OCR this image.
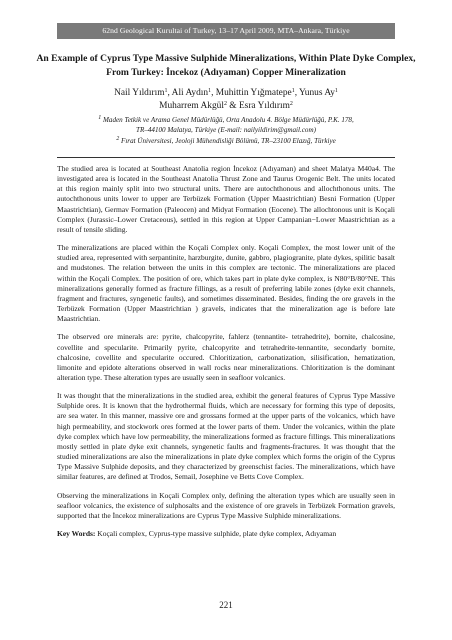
62nd Geological Kurultai of Turkey, 13–17 April 2009, MTA–Ankara, Türkiye
An Example of Cyprus Type Massive Sulphide Mineralizations, Within Plate Dyke Complex, From Turkey: İncekoz (Adıyaman) Copper Mineralization
Nail Yıldırım$^1$, Ali Aydın$^1$, Muhittin Yığmatepe$^1$, Yunus Ay$^1$
Muharrem Akgül$^2$ & Esra Yıldırım$^2$
$^1$ Maden Tetkik ve Arama Genel Müdürlüğü, Orta Anadolu 4. Bölge Müdürlüğü, P.K. 178,
TR–44100 Malatya, Türkiye (E-mail: nailyildirim@gmail.com)
$^2$ Fırat Üniversitesi, Jeoloji Mühendisliği Bölümü, TR–23100 Elazığ, Türkiye

The studied area is located at Southeast Anatolia region İncekoz (Adıyaman) and sheet Malatya M40a4. The investigated area is located in the Southeast Anatolia Thrust Zone and Taurus Orogenic Belt. The units located at this region mainly split into two structural units. There are autochthonous and allochthonous units. The autochthonous units lower to upper are Terbüzek Formation (Upper Maastrichtian) Besni Formation (Upper Maastrichtian), Germav Formation (Paleocen) and Midyat Formation (Eocene). The allochtonous unit is Koçali Complex (Jurassic–Lower Cretaceous), settled in this region at Upper Campanian−Lower Maastrichtian as a result of tensile sliding.

The mineralizations are placed within the Koçali Complex only. Koçali Complex, the most lower unit of the studied area, represented with serpantinite, harzburgite, dunite, gabbro, plagiogranite, plate dykes, spilitic basalt and mudstones. The relation between the units in this complex are tectonic. The mineralizations are placed within the Koçali Complex. The position of ore, which takes part in plate dyke complex, is N80°B/80°NE. This mineralizations generally formed as fracture fillings, as a result of preferring labile zones (dyke exit channels, fragment and fractures, syngenetic faults), and sometimes disseminated. Besides, finding the ore gravels in the Terbüzek Formation (Upper Maastrichtian ) gravels, indicates that the mineralization age is before late Maastrichtian.

The observed ore minerals are: pyrite, chalcopyrite, fahlerz (tennantite- tetrahedrite), bornite, chalcosine, covellite and specularite. Primarily pyrite, chalcopyrite and tetrahedrite-tennantite, secondarly bornite, chalcosine, covellite and specularite occured. Chloritization, carbonatization, silisification, hematization, limonite and epidote alterations observed in wall rocks near mineralizations. Chloritization is the dominant alteration type. These alteration types are usually seen in seafloor volcanics.

It was thought that the mineralizations in the studied area, exhibit the general features of Cyprus Type Massive Sulphide ores. It is known that the hydrothermal fluids, which are necessary for forming this type of deposits, are sea water. In this manner, massive ore and grossans formed at the upper parts of the volcanics, which have high permeability, and stockwork ores formed at the lower parts of them. Under the volcanics, within the plate dyke complex which have low permeability, the mineralizations formed as fracture fillings. This mineralizations mostly settled in plate dyke exit channels, syngenetic faults and fragments-fractures. It was thought that the studied mineralizations are also the mineralizations in plate dyke complex which forms the origin of the Cyprus Type Massive Sulphide deposits, and they characterized by greenschist facies. The mineralizations, which have similar features, are defined at Trodos, Semail, Josephine ve Betts Cove Complex.

Observing the mineralizations in Koçali Complex only, defining the alteration types which are usually seen in seafloor volcanics, the existence of sulphosalts and the existence of ore gravels in Terbüzek Formation gravels, supported that the İncekoz mineralizations are Cyprus Type Massive Sulphide mineralizations.

Key Words: Koçali complex, Cyprus-type massive sulphide, plate dyke complex, Adıyaman

221
